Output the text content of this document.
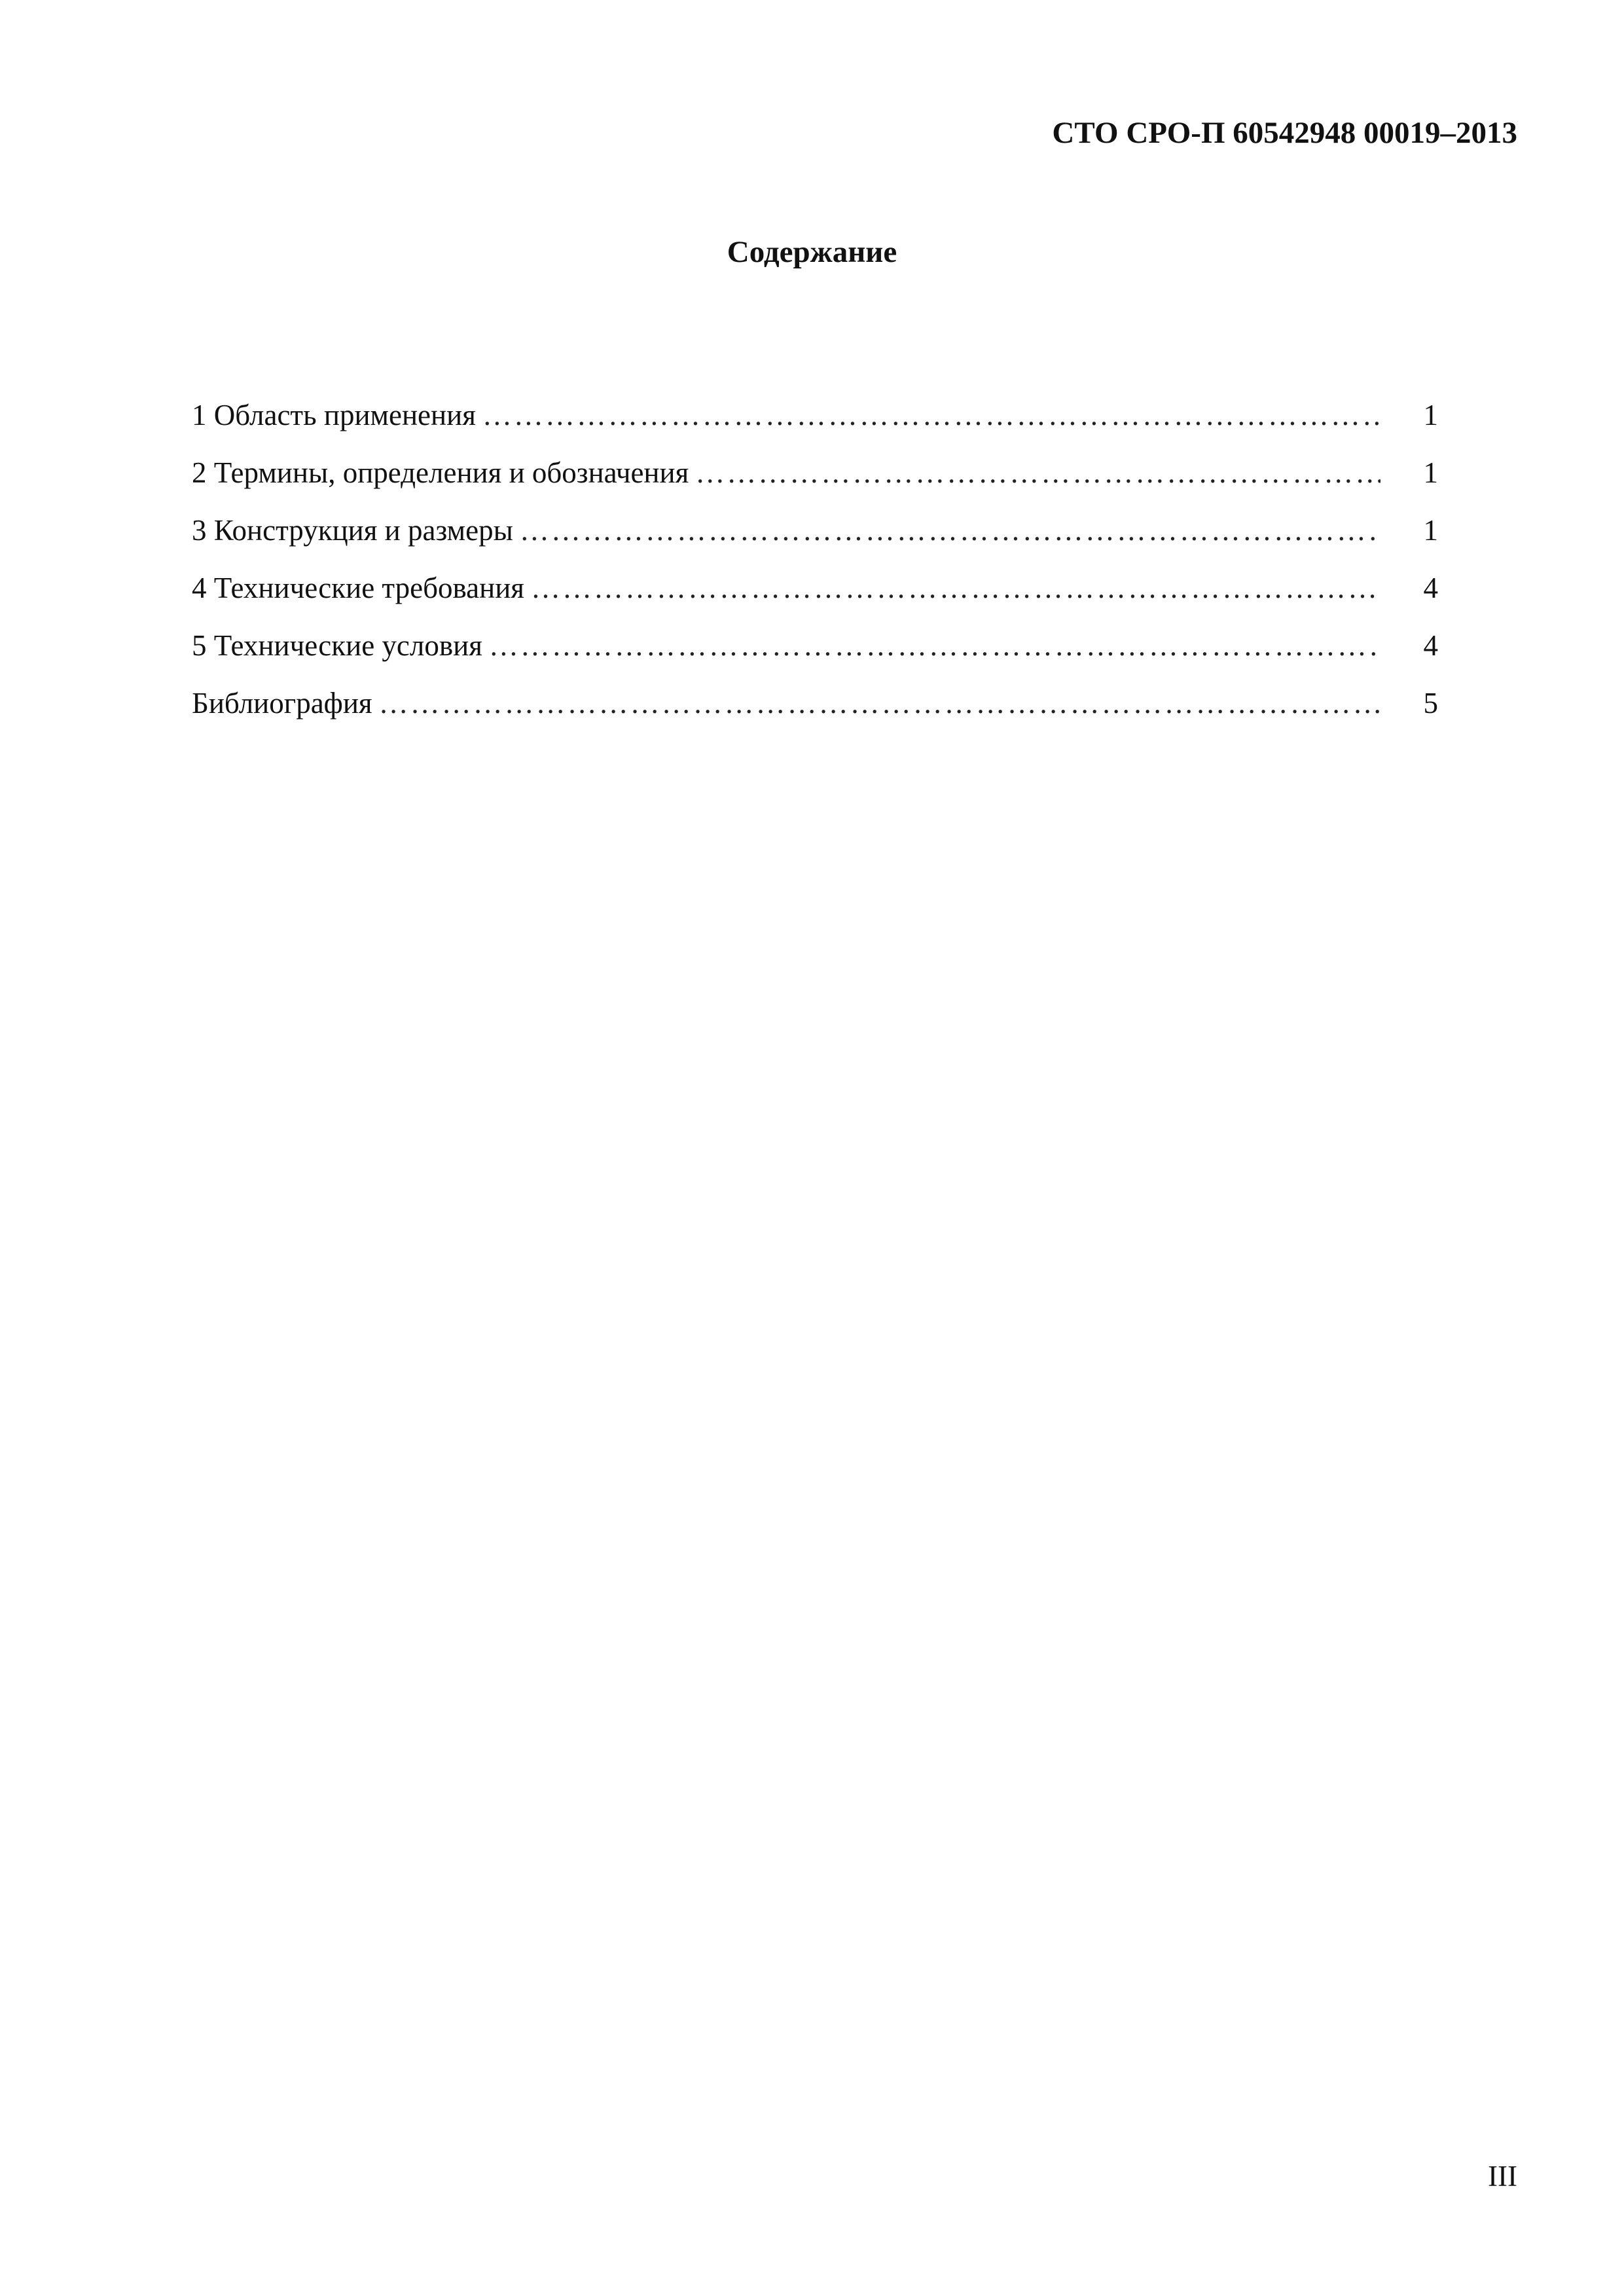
СТО СРО-П 60542948 00019–2013
Содержание
1 Область применения ………………………………………………………………………………………………………………………………………………………………………………	1
2 Термины, определения и обозначения ………………………………………………………………………………………………………………………………………………………………………………	1
3 Конструкция и размеры ………………………………………………………………………………………………………………………………………………………………………………	1
4 Технические требования ………………………………………………………………………………………………………………………………………………………………………………	4
5 Технические условия ………………………………………………………………………………………………………………………………………………………………………………	4
Библиография ………………………………………………………………………………………………………………………………………………………………………………	5
III
